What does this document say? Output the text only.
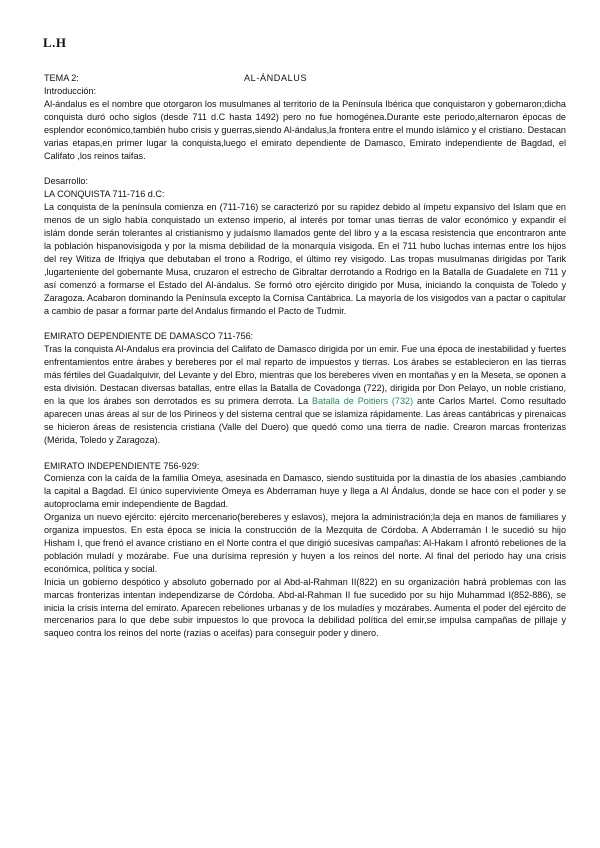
L.H
TEMA 2:	AL-ÁNDALUS
Introducción:

Al-ándalus es el nombre que otorgaron los musulmanes al territorio de la Península Ibérica que conquistaron y gobernaron;dicha conquista duró ocho siglos (desde 711 d.C hasta 1492) pero no fue homogénea.Durante este periodo,alternaron épocas de esplendor económico,también hubo crisis y guerras,siendo Al-ándalus,la frontera entre el mundo islámico y el cristiano. Destacan varias etapas,en primer lugar la conquista,luego el emirato dependiente de Damasco, Emirato independiente de Bagdad, el Califato ,los reinos taifas.

Desarrollo:
LA CONQUISTA 711-716 d.C:

La conquista de la península comienza en (711-716) se caracterizó por su rapidez debido al ímpetu expansivo del Islam que en menos de un siglo había conquistado un extenso imperio, al interés por tomar unas tierras de valor económico y expandir el islám donde serán tolerantes al cristianismo y judaísmo llamados gente del libro y a la escasa resistencia que encontraron ante la población hispanovisigoda y por la misma debilidad de la monarquía visigoda. En el 711 hubo luchas internas entre los hijos del rey Witiza de Ifriqiya que debutaban el trono a Rodrigo, el último rey visigodo. Las tropas musulmanas dirigidas por Tarik ,lugarteniente del gobernante Musa, cruzaron el estrecho de Gibraltar derrotando a Rodrigo en la Batalla de Guadalete en 711 y así comenzó a formarse el Estado del Al-ándalus. Se formó otro ejército dirigido por Musa, iniciando la conquista de Toledo y Zaragoza. Acabaron dominando la Península excepto la Cornisa Cantábrica. La mayoría de los visigodos van a pactar o capitular a cambio de pasar a formar parte del Andalus firmando el Pacto de Tudmir.

EMIRATO DEPENDIENTE DE DAMASCO 711-756:

Tras la conquista Al-Andalus era provincia del Califato de Damasco dirigida por un emir. Fue una época de inestabilidad y fuertes enfrentamientos entre árabes y bereberes por el mal reparto de impuestos y tierras. Los árabes se establecieron en las tierras más fértiles del Guadalquivir, del Levante y del Ebro, mientras que los bereberes viven en montañas y en la Meseta, se oponen a esta división. Destacan diversas batallas, entre ellas la Batalla de Covadonga (722), dirigida por Don Pelayo, un noble cristiano, en la que los árabes son derrotados es su primera derrota. La Batalla de Poitiers (732) ante Carlos Martel. Como resultado aparecen unas áreas al sur de los Pirineos y del sistema central que se islamiza rápidamente. Las áreas cantábricas y pirenaicas se hicieron áreas de resistencia cristiana (Valle del Duero) que quedó como una tierra de nadie. Crearon marcas fronterizas (Mérida, Toledo y Zaragoza).

EMIRATO INDEPENDIENTE 756-929:

Comienza con la caída de la familia Omeya, asesinada en Damasco, siendo sustituida por la dinastía de los abasíes ,cambiando la capital a Bagdad. El único superviviente Omeya es Abderraman huye y llega a Al Ándalus, donde se hace con el poder y se autoproclama emir independiente de Bagdad.

Organiza un nuevo ejército: ejército mercenario(bereberes y eslavos), mejora la administración;la deja en manos de familiares y organiza impuestos. En esta época se inicia la construcción de la Mezquita de Córdoba. A Abderramán I le sucedió su hijo Hisham I, que frenó el avance cristiano en el Norte contra el que dirigió sucesivas campañas: Al-Hakam I afrontó rebeliones de la población muladí y mozárabe. Fue una durísima represión y huyen a los reinos del norte. Al final del periodo hay una crisis económica, política y social.

Inicia un gobierno despótico y absoluto gobernado por al Abd-al-Rahman II(822) en su organización habrá problemas con las marcas fronterizas intentan independizarse de Córdoba. Abd-al-Rahman II fue sucedido por su hijo Muhammad I(852-886), se inicia la crisis interna del emirato. Aparecen rebeliones urbanas y de los muladíes y mozárabes. Aumenta el poder del ejército de mercenarios para lo que debe subir impuestos lo que provoca la debilidad política del emir,se impulsa campañas de pillaje y saqueo contra los reinos del norte (razias o aceifas) para conseguir poder y dinero.
